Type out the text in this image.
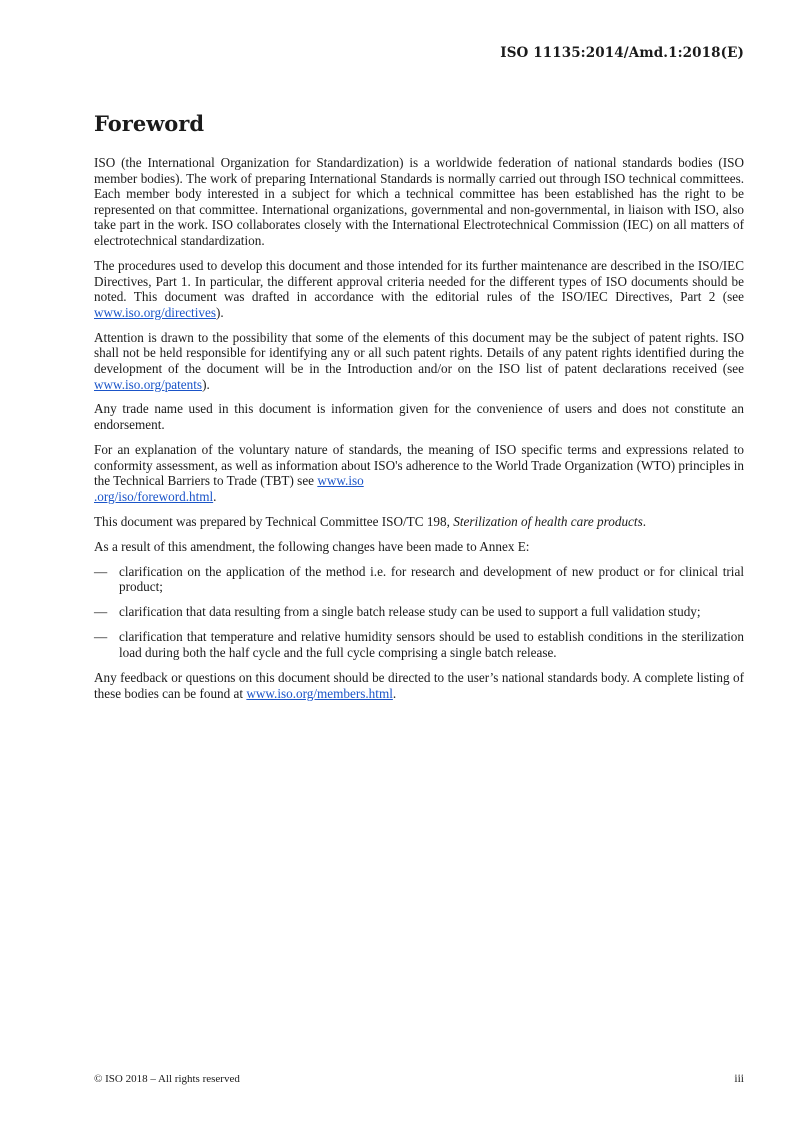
ISO 11135:2014/Amd.1:2018(E)
Foreword

ISO (the International Organization for Standardization) is a worldwide federation of national standards bodies (ISO member bodies). The work of preparing International Standards is normally carried out through ISO technical committees. Each member body interested in a subject for which a technical committee has been established has the right to be represented on that committee. International organizations, governmental and non-governmental, in liaison with ISO, also take part in the work. ISO collaborates closely with the International Electrotechnical Commission (IEC) on all matters of electrotechnical standardization.

The procedures used to develop this document and those intended for its further maintenance are described in the ISO/IEC Directives, Part 1. In particular, the different approval criteria needed for the different types of ISO documents should be noted. This document was drafted in accordance with the editorial rules of the ISO/IEC Directives, Part 2 (see www.iso.org/directives).

Attention is drawn to the possibility that some of the elements of this document may be the subject of patent rights. ISO shall not be held responsible for identifying any or all such patent rights. Details of any patent rights identified during the development of the document will be in the Introduction and/or on the ISO list of patent declarations received (see www.iso.org/patents).

Any trade name used in this document is information given for the convenience of users and does not constitute an endorsement.

For an explanation of the voluntary nature of standards, the meaning of ISO specific terms and expressions related to conformity assessment, as well as information about ISO's adherence to the World Trade Organization (WTO) principles in the Technical Barriers to Trade (TBT) see www.iso
.org/iso/foreword.html.

This document was prepared by Technical Committee ISO/TC 198, Sterilization of health care products.

As a result of this amendment, the following changes have been made to Annex E:

— clarification on the application of the method i.e. for research and development of new product or for clinical trial product;
— clarification that data resulting from a single batch release study can be used to support a full validation study;
— clarification that temperature and relative humidity sensors should be used to establish conditions in the sterilization load during both the half cycle and the full cycle comprising a single batch release.

Any feedback or questions on this document should be directed to the user’s national standards body. A complete listing of these bodies can be found at www.iso.org/members.html.

© ISO 2018 – All rights reserved	iii
